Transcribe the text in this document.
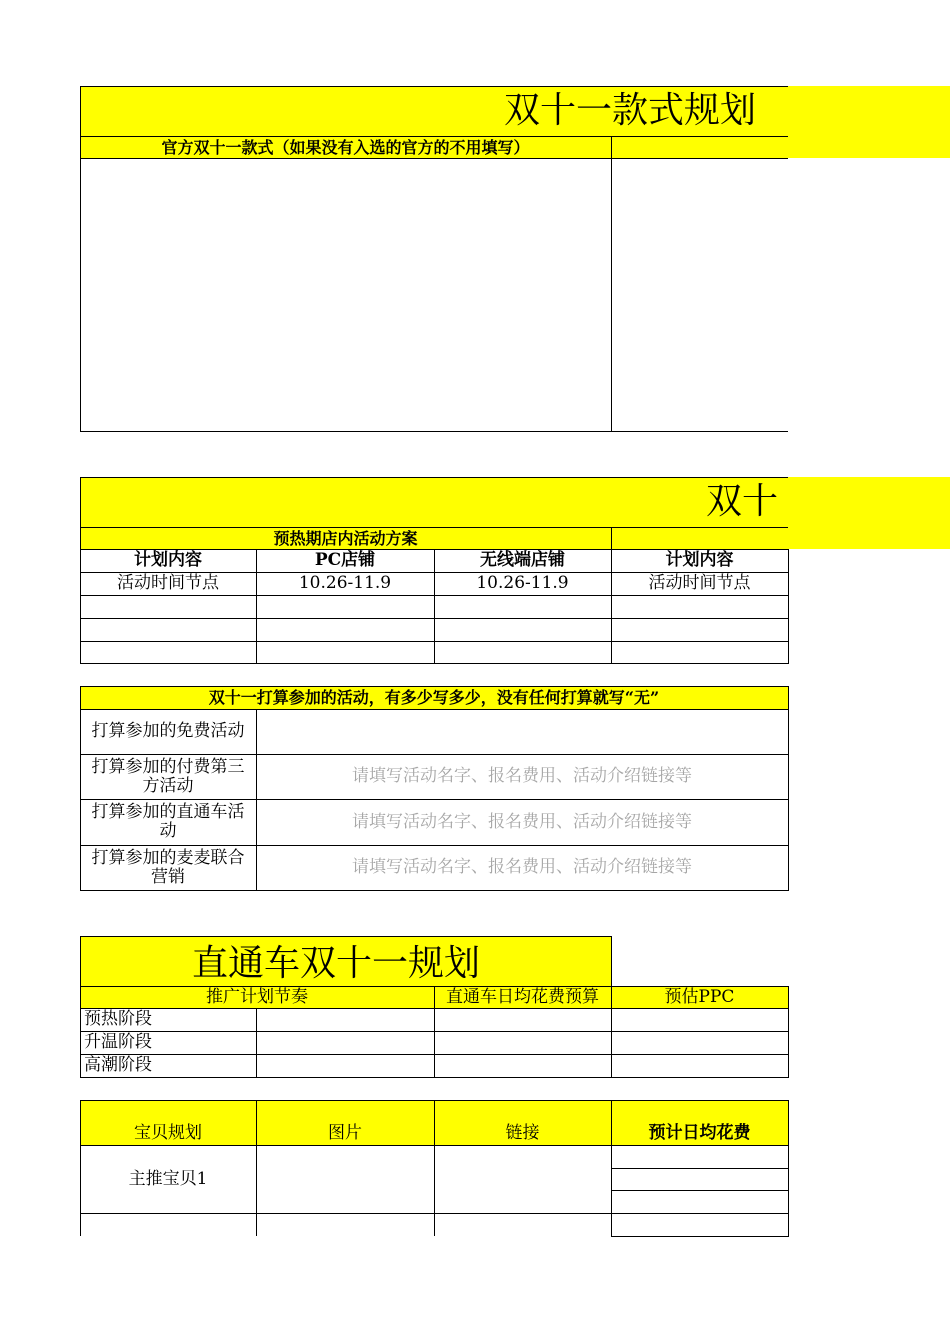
双十一款式规划
官方双十一款式（如果没有入选的官方的不用填写）
双十
预热期店内活动方案
计划内容	PC店铺	无线端店铺	计划内容
活动时间节点	10.26-11.9	10.26-11.9	活动时间节点
双十一打算参加的活动，有多少写多少，没有任何打算就写“无”
打算参加的免费活动
打算参加的付费第三方活动	请填写活动名字、报名费用、活动介绍链接等
打算参加的直通车活动	请填写活动名字、报名费用、活动介绍链接等
打算参加的麦麦联合营销	请填写活动名字、报名费用、活动介绍链接等
直通车双十一规划
推广计划节奏	直通车日均花费预算	预估PPC
预热阶段
升温阶段
高潮阶段
宝贝规划	图片	链接	预计日均花费
主推宝贝1
